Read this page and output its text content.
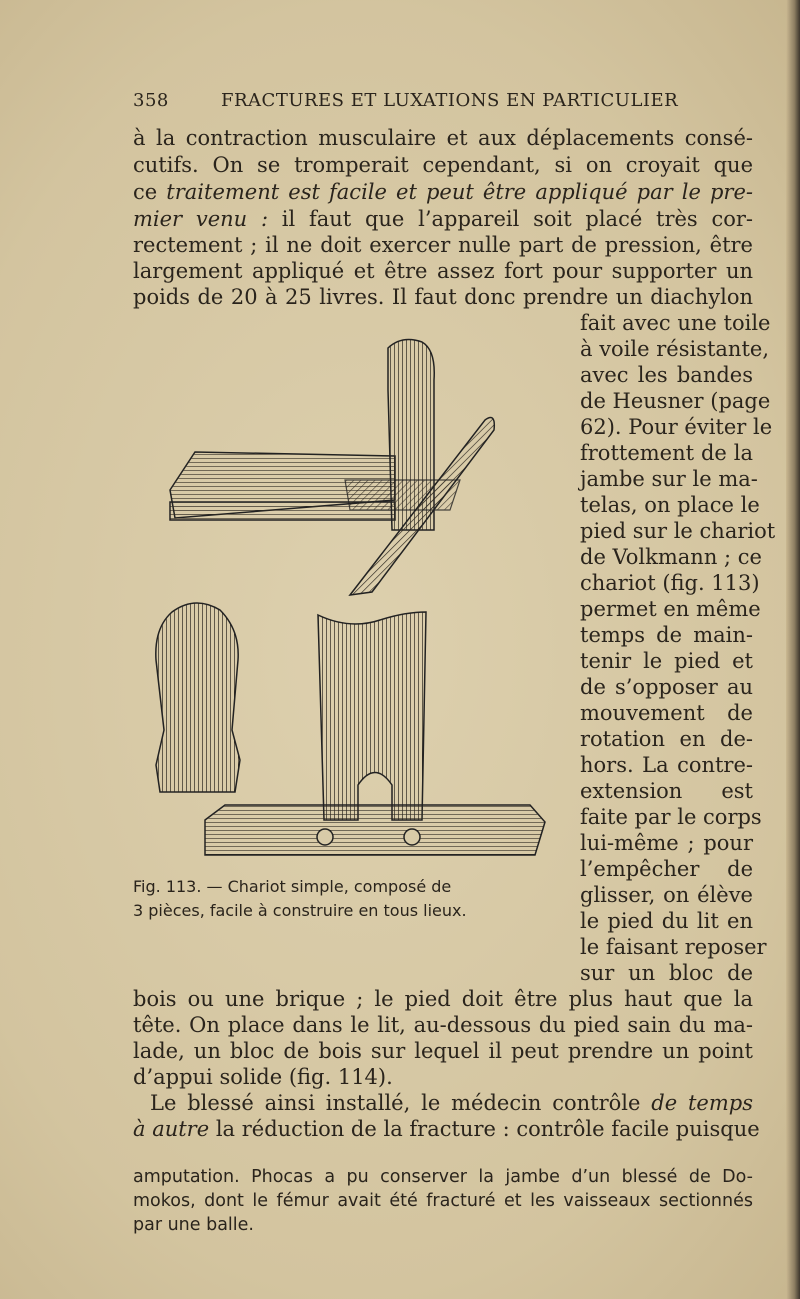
358	FRACTURES ET LUXATIONS EN PARTICULIER
à la contraction musculaire et aux déplacements consé-
cutifs. On se tromperait cependant, si on croyait que
ce traitement est facile et peut être appliqué par le pre-
mier venu : il faut que l’appareil soit placé très cor-
rectement ; il ne doit exercer nulle part de pression, être
largement appliqué et être assez fort pour supporter un
poids de 20 à 25 livres. Il faut donc prendre un diachylon
fait avec une toile
à voile résistante,
avec les bandes
de Heusner (page
62). Pour éviter le
frottement de la
jambe sur le ma-
telas, on place le
pied sur le chariot
de Volkmann ; ce
chariot (fig. 113)
permet en même
temps de main-
tenir le pied et
de s’opposer au
mouvement de
rotation en de-
hors. La contre-
extension est
faite par le corps
lui-même ; pour
l’empêcher de
glisser, on élève
le pied du lit en
le faisant reposer
sur un bloc de
Fig. 113. — Chariot simple, composé de
3 pièces, facile à construire en tous lieux.
bois ou une brique ; le pied doit être plus haut que la
tête. On place dans le lit, au-dessous du pied sain du ma-
lade, un bloc de bois sur lequel il peut prendre un point
d’appui solide (fig. 114).
Le blessé ainsi installé, le médecin contrôle de temps
à autre la réduction de la fracture : contrôle facile puisque
amputation. Phocas a pu conserver la jambe d’un blessé de Do-
mokos, dont le fémur avait été fracturé et les vaisseaux sectionnés
par une balle.
